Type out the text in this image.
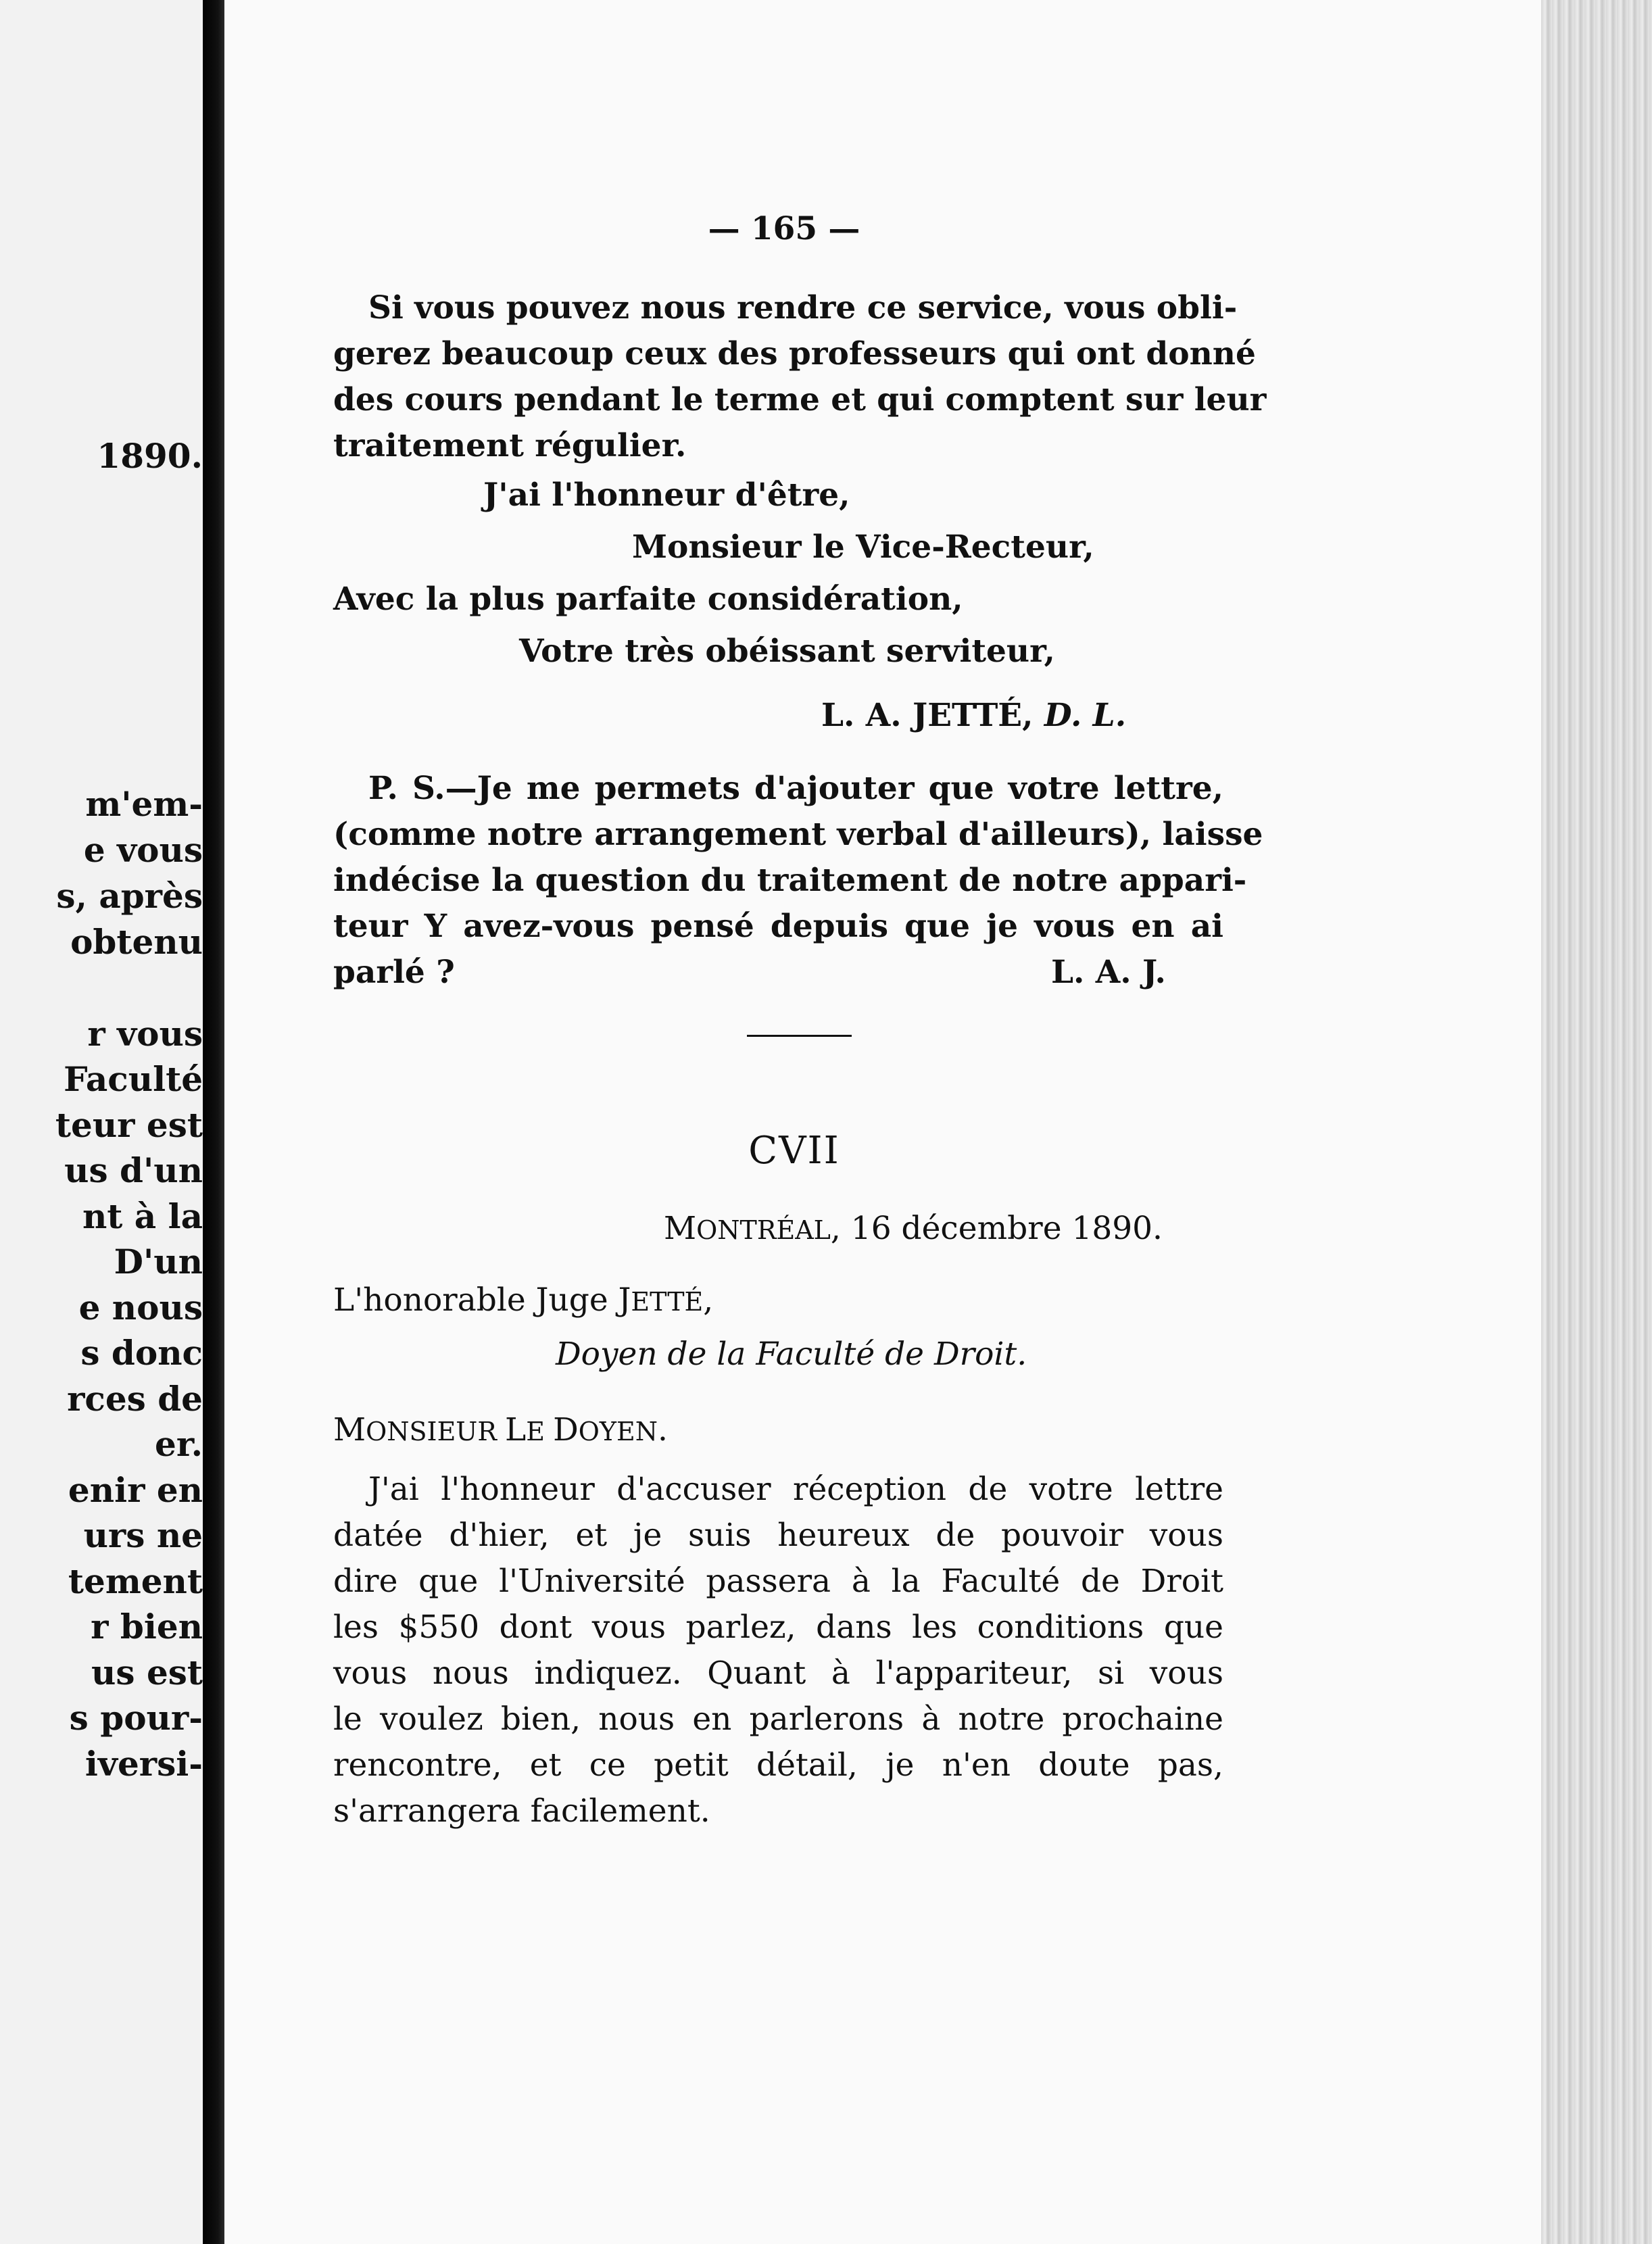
1890.
m'em-
e vous
s, après
obtenu
r vous
Faculté
teur est
us d'un
nt à la
D'un
e nous
s donc
rces de
er.
enir en
urs ne
tement
r bien
us est
s pour-
iversi-
— 165 —
Si vous pouvez nous rendre ce service, vous obli-
gerez beaucoup ceux des professeurs qui ont donné
des cours pendant le terme et qui comptent sur leur
traitement régulier.
J'ai l'honneur d'être,
Monsieur le Vice-Recteur,
Avec la plus parfaite considération,
Votre très obéissant serviteur,
L. A. JETTÉ, D. L.
P. S.—Je me permets d'ajouter que votre lettre,
(comme notre arrangement verbal d'ailleurs), laisse
indécise la question du traitement de notre appari-
teur Y avez-vous pensé depuis que je vous en ai
parlé ?	L. A. J.
CVII
MONTRÉAL, 16 décembre 1890.
L'honorable Juge JETTÉ,
Doyen de la Faculté de Droit.
MONSIEUR LE DOYEN.
J'ai l'honneur d'accuser réception de votre lettre
datée d'hier, et je suis heureux de pouvoir vous
dire que l'Université passera à la Faculté de Droit
les $550 dont vous parlez, dans les conditions que
vous nous indiquez. Quant à l'appariteur, si vous
le voulez bien, nous en parlerons à notre prochaine
rencontre, et ce petit détail, je n'en doute pas,
s'arrangera facilement.
